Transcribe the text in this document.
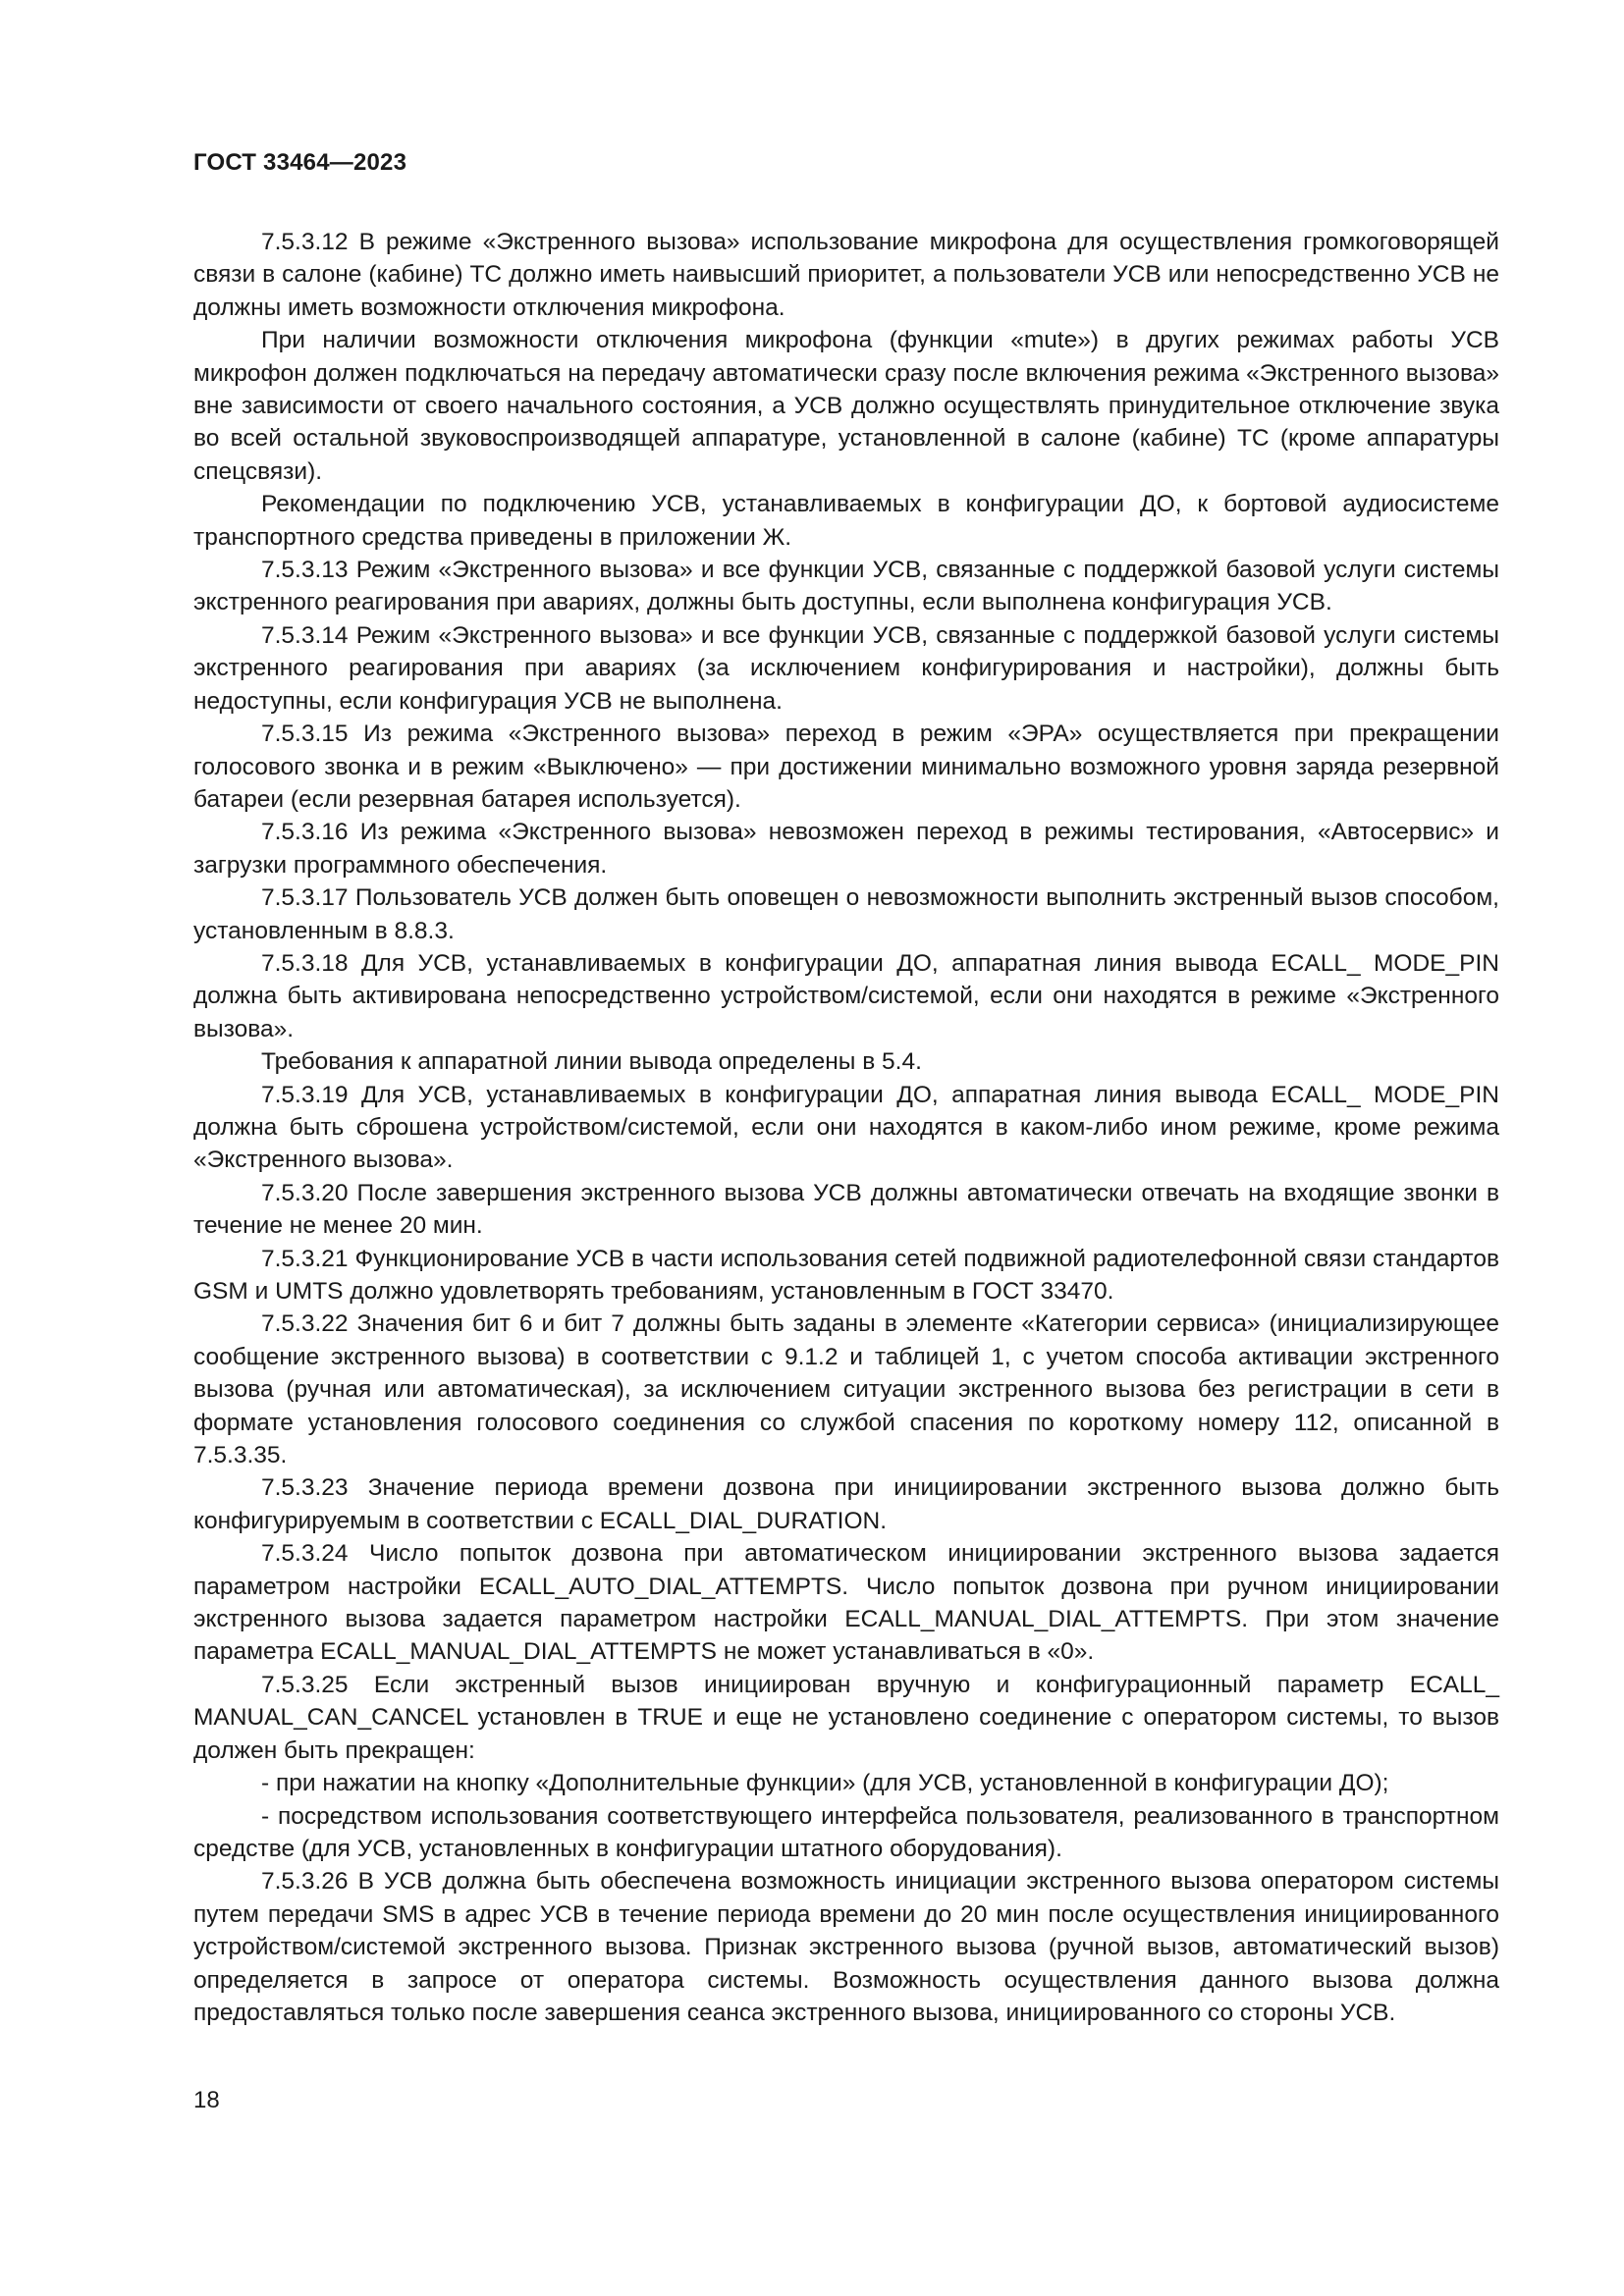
ГОСТ 33464—2023

7.5.3.12 В режиме «Экстренного вызова» использование микрофона для осуществления громкоговорящей связи в салоне (кабине) ТС должно иметь наивысший приоритет, а пользователи УСВ или непосредственно УСВ не должны иметь возможности отключения микрофона.

При наличии возможности отключения микрофона (функции «mute») в других режимах работы УСВ микрофон должен подключаться на передачу автоматически сразу после включения режима «Экстренного вызова» вне зависимости от своего начального состояния, а УСВ должно осуществлять принудительное отключение звука во всей остальной звуковоспроизводящей аппаратуре, установленной в салоне (кабине) ТС (кроме аппаратуры спецсвязи).

Рекомендации по подключению УСВ, устанавливаемых в конфигурации ДО, к бортовой аудиосистеме транспортного средства приведены в приложении Ж.

7.5.3.13 Режим «Экстренного вызова» и все функции УСВ, связанные с поддержкой базовой услуги системы экстренного реагирования при авариях, должны быть доступны, если выполнена конфигурация УСВ.

7.5.3.14 Режим «Экстренного вызова» и все функции УСВ, связанные с поддержкой базовой услуги системы экстренного реагирования при авариях (за исключением конфигурирования и настройки), должны быть недоступны, если конфигурация УСВ не выполнена.

7.5.3.15 Из режима «Экстренного вызова» переход в режим «ЭРА» осуществляется при прекращении голосового звонка и в режим «Выключено» — при достижении минимально возможного уровня заряда резервной батареи (если резервная батарея используется).

7.5.3.16 Из режима «Экстренного вызова» невозможен переход в режимы тестирования, «Автосервис» и загрузки программного обеспечения.

7.5.3.17 Пользователь УСВ должен быть оповещен о невозможности выполнить экстренный вызов способом, установленным в 8.8.3.

7.5.3.18 Для УСВ, устанавливаемых в конфигурации ДО, аппаратная линия вывода ECALL_ MODE_PIN должна быть активирована непосредственно устройством/системой, если они находятся в режиме «Экстренного вызова».

Требования к аппаратной линии вывода определены в 5.4.

7.5.3.19 Для УСВ, устанавливаемых в конфигурации ДО, аппаратная линия вывода ECALL_ MODE_PIN должна быть сброшена устройством/системой, если они находятся в каком-либо ином режиме, кроме режима «Экстренного вызова».

7.5.3.20 После завершения экстренного вызова УСВ должны автоматически отвечать на входящие звонки в течение не менее 20 мин.

7.5.3.21 Функционирование УСВ в части использования сетей подвижной радиотелефонной связи стандартов GSM и UMTS должно удовлетворять требованиям, установленным в ГОСТ 33470.

7.5.3.22 Значения бит 6 и бит 7 должны быть заданы в элементе «Категории сервиса» (инициализирующее сообщение экстренного вызова) в соответствии с 9.1.2 и таблицей 1, с учетом способа активации экстренного вызова (ручная или автоматическая), за исключением ситуации экстренного вызова без регистрации в сети в формате установления голосового соединения со службой спасения по короткому номеру 112, описанной в 7.5.3.35.

7.5.3.23 Значение периода времени дозвона при инициировании экстренного вызова должно быть конфигурируемым в соответствии с ECALL_DIAL_DURATION.

7.5.3.24 Число попыток дозвона при автоматическом инициировании экстренного вызова задается параметром настройки ECALL_AUTO_DIAL_ATTEMPTS. Число попыток дозвона при ручном инициировании экстренного вызова задается параметром настройки ECALL_MANUAL_DIAL_ATTEMPTS. При этом значение параметра ECALL_MANUAL_DIAL_ATTEMPTS не может устанавливаться в «0».

7.5.3.25 Если экстренный вызов инициирован вручную и конфигурационный параметр ECALL_ MANUAL_CAN_CANCEL установлен в TRUE и еще не установлено соединение с оператором системы, то вызов должен быть прекращен:

- при нажатии на кнопку «Дополнительные функции» (для УСВ, установленной в конфигурации ДО);

- посредством использования соответствующего интерфейса пользователя, реализованного в транспортном средстве (для УСВ, установленных в конфигурации штатного оборудования).

7.5.3.26 В УСВ должна быть обеспечена возможность инициации экстренного вызова оператором системы путем передачи SMS в адрес УСВ в течение периода времени до 20 мин после осуществления инициированного устройством/системой экстренного вызова. Признак экстренного вызова (ручной вызов, автоматический вызов) определяется в запросе от оператора системы. Возможность осуществления данного вызова должна предоставляться только после завершения сеанса экстренного вызова, инициированного со стороны УСВ.

18
